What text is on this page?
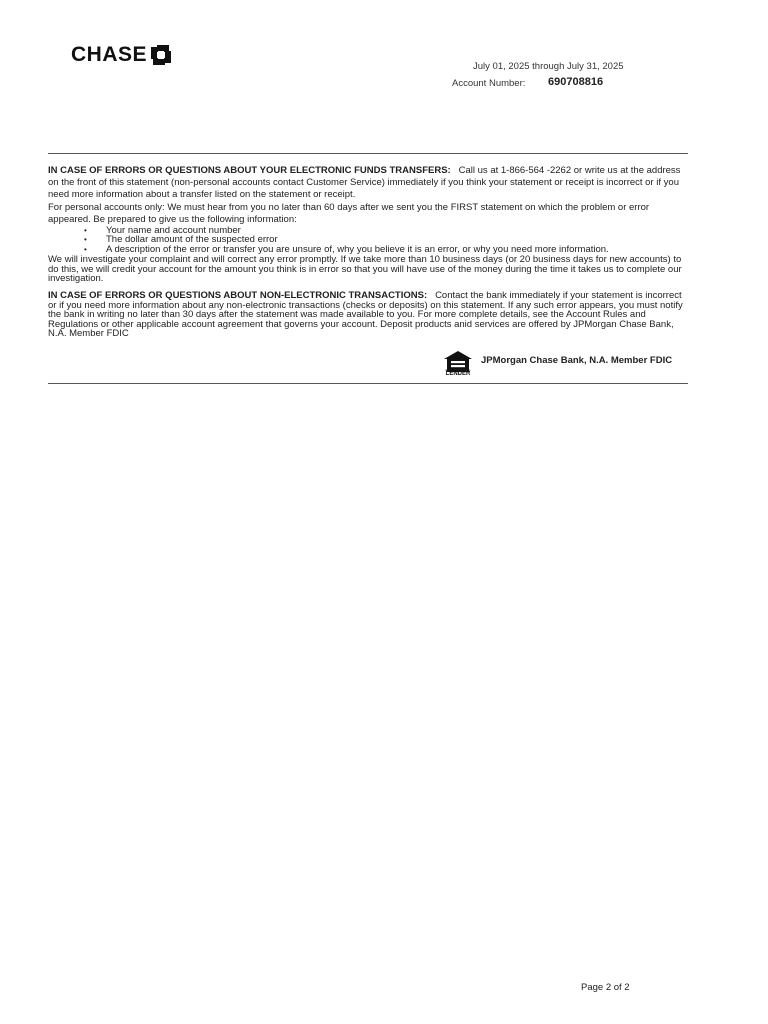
CHASE
July 01, 2025 through July 31, 2025
Account Number: 690708816

IN CASE OF ERRORS OR QUESTIONS ABOUT YOUR ELECTRONIC FUNDS TRANSFERS: Call us at 1-866-564 -2262 or write us at the address on the front of this statement (non-personal accounts contact Customer Service) immediately if you think your statement or receipt is incorrect or if you need more information about a transfer listed on the statement or receipt.

For personal accounts only: We must hear from you no later than 60 days after we sent you the FIRST statement on which the problem or error appeared. Be prepared to give us the following information:

• Your name and account number
• The dollar amount of the suspected error
• A description of the error or transfer you are unsure of, why you believe it is an error, or why you need more information.

We will investigate your complaint and will correct any error promptly. If we take more than 10 business days (or 20 business days for new accounts) to do this, we will credit your account for the amount you think is in error so that you will have use of the money during the time it takes us to complete our investigation.

IN CASE OF ERRORS OR QUESTIONS ABOUT NON-ELECTRONIC TRANSACTIONS: Contact the bank immediately if your statement is incorrect or if you need more information about any non-electronic transactions (checks or deposits) on this statement. If any such error appears, you must notify the bank in writing no later than 30 days after the statement was made available to you. For more complete details, see the Account Rules and Regulations or other applicable account agreement that governs your account. Deposit products anid services are offered by JPMorgan Chase Bank, N.A. Member FDIC

EQUAL HOUSING
LENDER
JPMorgan Chase Bank, N.A. Member FDIC
Page 2 of 2
